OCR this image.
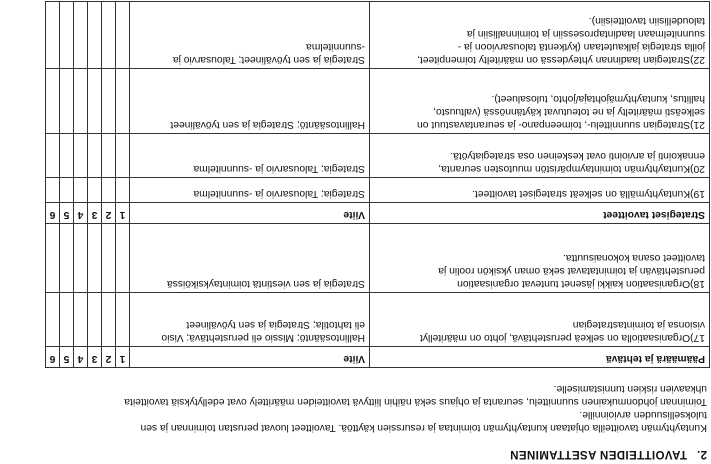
2. TAVOITTEIDEN ASETTAMINEN

Kuntayhtymän tavoitteilla ohjataan kuntayhtymän toimintaa ja resurssien käyttöä. Tavoitteet luovat perustan toiminnan ja sen
tuloksellisuuden arvioinnille.

Toiminnan johdonmukainen suunnittelu, seuranta ja ohjaus sekä näihin liittyvä tavoitteiden määrittely ovat edellytyksiä tavoitteita
uhkaavien riskien tunnistamiselle.

Päämäärä ja tehtävä	Viite	1	2	3	4	5	6

17)Organisaatiolla on selkeä perustehtävä, johto on määritellyt
visionsa ja toimintastrategian	Hallintosääntö; Missio eli perustehtävä; Visio
eli tahtotila; Strategia ja sen työvälineet						

18)Organisaation kaikki jäsenet tuntevat organisaation
perustehtävän ja toimintatavat sekä oman yksikön roolin ja
tavoitteet osana kokonaisuutta.	Strategia ja sen viestintä toimintayksiköissä						

Strategiset tavoitteet	Viite	1	2	3	4	5	6

19)Kuntayhtymällä on selkeät strategiset tavoitteet.	Strategia; Talousarvio ja -suunnitelma						

20)Kuntayhtymän toimintaympäristön muutosten seuranta,
ennakointi ja arviointi ovat keskeinen osa strategiatyötä.	Strategia; Talousarvio ja -suunnitelma						

21)Strategian suunnittelu-, toimeenpano- ja seurantavastuut on
selkeästi määritelty ja ne toteutuvat käytännössä (valtuusto,
hallitus, kuntayhtymäjohtaja/johto, tulosalueet).	Hallintosääntö; Strategia ja sen työvälineet						

22)Strategian laadinnan yhteydessä on määritelty toimenpiteet,
joilla strategia jalkautetaan (kytkentä talousarvioon ja -
suunnitelmaan laadintaprosessiin ja toiminnallisiin ja
taloudellisiin tavoitteisiin).	Strategia ja sen työvälineet; Talousarvio ja
-suunnitelma						
